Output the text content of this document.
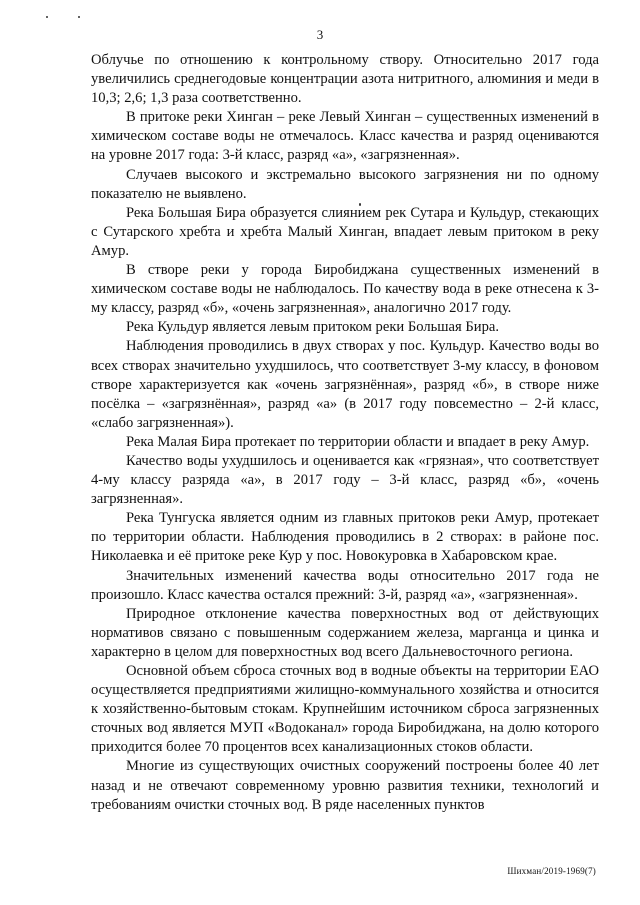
3

Облучье по отношению к контрольному створу. Относительно 2017 года увеличились среднегодовые концентрации азота нитритного, алюминия и меди в 10,3; 2,6; 1,3 раза соответственно.

В притоке реки Хинган – реке Левый Хинган – существенных изменений в химическом составе воды не отмечалось. Класс качества и разряд оцениваются на уровне 2017 года: 3-й класс, разряд «а», «загрязненная».

Случаев высокого и экстремально высокого загрязнения ни по одному показателю не выявлено.

Река Большая Бира образуется слиянием рек Сутара и Кульдур, стекающих с Сутарского хребта и хребта Малый Хинган, впадает левым притоком в реку Амур.

В створе реки у города Биробиджана существенных изменений в химическом составе воды не наблюдалось. По качеству вода в реке отнесена к 3-му классу, разряд «б», «очень загрязненная», аналогично 2017 году.

Река Кульдур является левым притоком реки Большая Бира.

Наблюдения проводились в двух створах у пос. Кульдур. Качество воды во всех створах значительно ухудшилось, что соответствует 3-му классу, в фоновом створе характеризуется как «очень загрязнённая», разряд «б», в створе ниже посёлка – «загрязнённая», разряд «а» (в 2017 году повсеместно – 2-й класс, «слабо загрязненная»).

Река Малая Бира протекает по территории области и впадает в реку Амур.

Качество воды ухудшилось и оценивается как «грязная», что соответствует 4-му классу разряда «а», в 2017 году – 3-й класс, разряд «б», «очень загрязненная».

Река Тунгуска является одним из главных притоков реки Амур, протекает по территории области. Наблюдения проводились в 2 створах: в районе пос. Николаевка и её притоке реке Кур у пос. Новокуровка в Хабаровском крае.

Значительных изменений качества воды относительно 2017 года не произошло. Класс качества остался прежний: 3-й, разряд «а», «загрязненная».

Природное отклонение качества поверхностных вод от действующих нормативов связано с повышенным содержанием железа, марганца и цинка и характерно в целом для поверхностных вод всего Дальневосточного региона.

Основной объем сброса сточных вод в водные объекты на территории ЕАО осуществляется предприятиями жилищно-коммунального хозяйства и относится к хозяйственно-бытовым стокам. Крупнейшим источником сброса загрязненных сточных вод является МУП «Водоканал» города Биробиджана, на долю которого приходится более 70 процентов всех канализационных стоков области.

Многие из существующих очистных сооружений построены более 40 лет назад и не отвечают современному уровню развития техники, технологий и требованиям очистки сточных вод. В ряде населенных пунктов

Шихман/2019-1969(7)
